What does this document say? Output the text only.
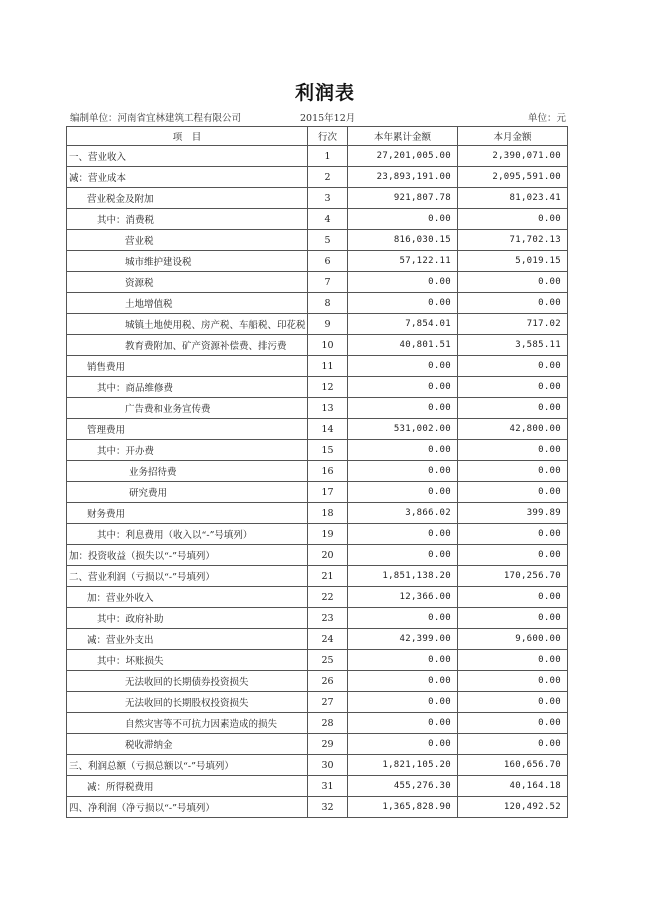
利润表
编制单位：河南省宜林建筑工程有限公司	2015年12月	单位：元
项　目	行次	本年累计金额	本月金额
一、营业收入	1	27,201,005.00	2,390,071.00
减：营业成本	2	23,893,191.00	2,095,591.00
营业税金及附加	3	921,807.78	81,023.41
其中：消费税	4	0.00	0.00
营业税	5	816,030.15	71,702.13
城市维护建设税	6	57,122.11	5,019.15
资源税	7	0.00	0.00
土地增值税	8	0.00	0.00
城镇土地使用税、房产税、车船税、印花税	9	7,854.01	717.02
教育费附加、矿产资源补偿费、排污费	10	40,801.51	3,585.11
销售费用	11	0.00	0.00
其中：商品维修费	12	0.00	0.00
广告费和业务宣传费	13	0.00	0.00
管理费用	14	531,002.00	42,800.00
其中：开办费	15	0.00	0.00
业务招待费	16	0.00	0.00
研究费用	17	0.00	0.00
财务费用	18	3,866.02	399.89
其中：利息费用（收入以“-”号填列）	19	0.00	0.00
加：投资收益（损失以“-”号填列）	20	0.00	0.00
二、营业利润（亏损以“-”号填列）	21	1,851,138.20	170,256.70
加：营业外收入	22	12,366.00	0.00
其中：政府补助	23	0.00	0.00
减：营业外支出	24	42,399.00	9,600.00
其中：坏账损失	25	0.00	0.00
无法收回的长期债券投资损失	26	0.00	0.00
无法收回的长期股权投资损失	27	0.00	0.00
自然灾害等不可抗力因素造成的损失	28	0.00	0.00
税收滞纳金	29	0.00	0.00
三、利润总额（亏损总额以“-”号填列）	30	1,821,105.20	160,656.70
减：所得税费用	31	455,276.30	40,164.18
四、净利润（净亏损以“-”号填列）	32	1,365,828.90	120,492.52
